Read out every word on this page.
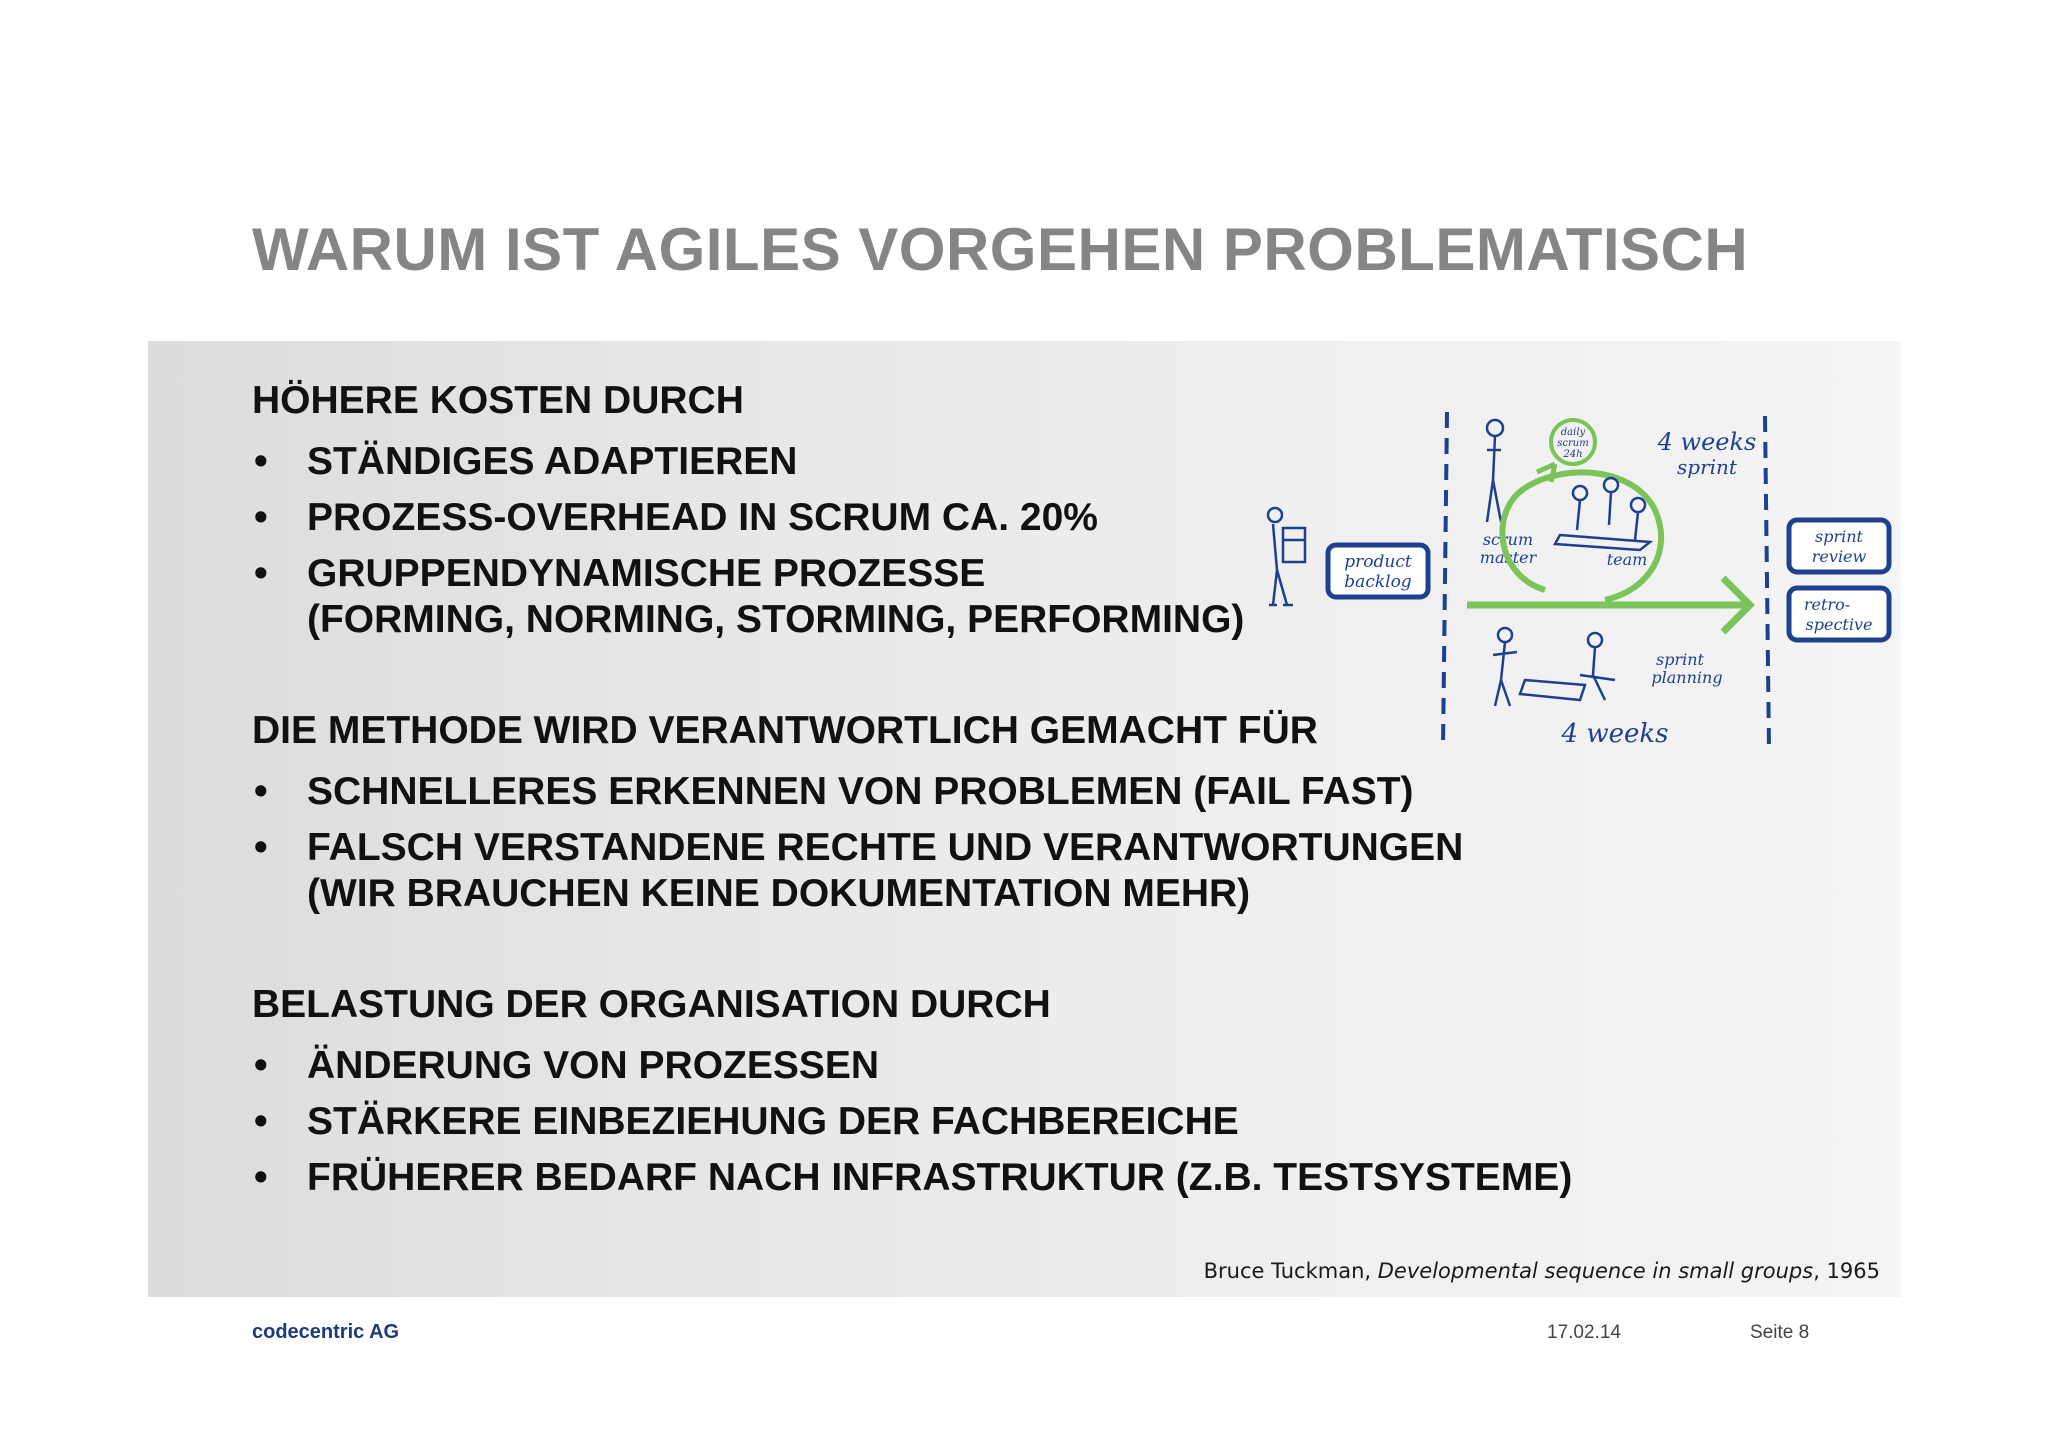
WARUM IST AGILES VORGEHEN PROBLEMATISCH
HÖHERE KOSTEN DURCH
• STÄNDIGES ADAPTIEREN
• PROZESS-OVERHEAD IN SCRUM CA. 20%
• GRUPPENDYNAMISCHE PROZESSE
(FORMING, NORMING, STORMING, PERFORMING)
DIE METHODE WIRD VERANTWORTLICH GEMACHT FÜR
• SCHNELLERES ERKENNEN VON PROBLEMEN (FAIL FAST)
• FALSCH VERSTANDENE RECHTE UND VERANTWORTUNGEN
(WIR BRAUCHEN KEINE DOKUMENTATION MEHR)
BELASTUNG DER ORGANISATION DURCH
• ÄNDERUNG VON PROZESSEN
• STÄRKERE EINBEZIEHUNG DER FACHBEREICHE
• FRÜHERER BEDARF NACH INFRASTRUKTUR (Z.B. TESTSYSTEME)
product
backlog
scrum
master
daily
scrum
24h
team
4 weeks
sprint
sprint
planning
4 weeks
sprint
review
retro-
spective
Bruce Tuckman, Developmental sequence in small groups, 1965
codecentric AG	17.02.14	Seite 8
